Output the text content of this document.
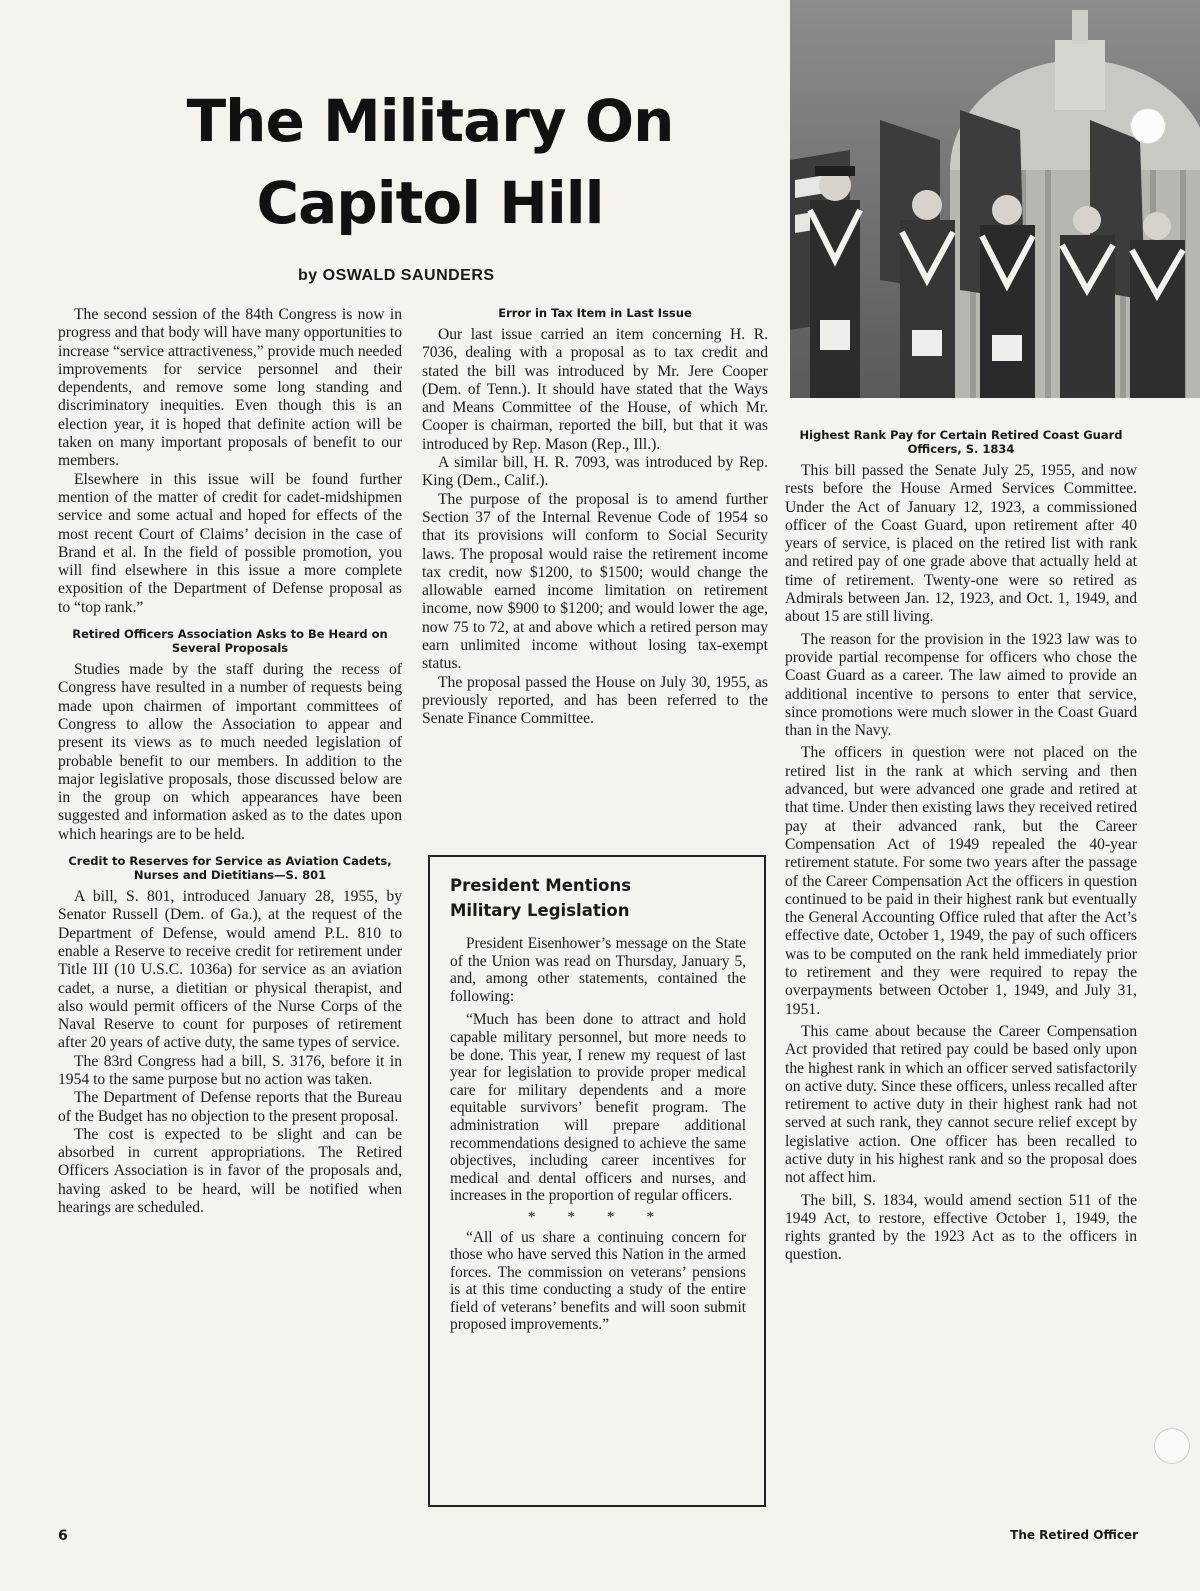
The Military On
Capitol Hill
by OSWALD SAUNDERS

The second session of the 84th Congress is now in progress and that body will have many opportunities to increase “service attractiveness,” provide much needed improvements for service personnel and their dependents, and remove some long standing and discriminatory inequities. Even though this is an election year, it is hoped that definite action will be taken on many important proposals of benefit to our members.

Elsewhere in this issue will be found further mention of the matter of credit for cadet-midshipmen service and some actual and hoped for effects of the most recent Court of Claims’ decision in the case of Brand et al. In the field of possible promotion, you will find elsewhere in this issue a more complete exposition of the Department of Defense proposal as to “top rank.”

Retired Officers Association Asks to Be Heard on Several Proposals

Studies made by the staff during the recess of Congress have resulted in a number of requests being made upon chairmen of important committees of Congress to allow the Association to appear and present its views as to much needed legislation of probable benefit to our members. In addition to the major legislative proposals, those discussed below are in the group on which appearances have been suggested and information asked as to the dates upon which hearings are to be held.

Credit to Reserves for Service as Aviation Cadets, Nurses and Dietitians—S. 801

A bill, S. 801, introduced January 28, 1955, by Senator Russell (Dem. of Ga.), at the request of the Department of Defense, would amend P.L. 810 to enable a Reserve to receive credit for retirement under Title III (10 U.S.C. 1036a) for service as an aviation cadet, a nurse, a dietitian or physical therapist, and also would permit officers of the Nurse Corps of the Naval Reserve to count for purposes of retirement after 20 years of active duty, the same types of service.

The 83rd Congress had a bill, S. 3176, before it in 1954 to the same purpose but no action was taken.

The Department of Defense reports that the Bureau of the Budget has no objection to the present proposal.

The cost is expected to be slight and can be absorbed in current appropriations. The Retired Officers Association is in favor of the proposals and, having asked to be heard, will be notified when hearings are scheduled.

Error in Tax Item in Last Issue

Our last issue carried an item concerning H. R. 7036, dealing with a proposal as to tax credit and stated the bill was introduced by Mr. Jere Cooper (Dem. of Tenn.). It should have stated that the Ways and Means Committee of the House, of which Mr. Cooper is chairman, reported the bill, but that it was introduced by Rep. Mason (Rep., Ill.).

A similar bill, H. R. 7093, was introduced by Rep. King (Dem., Calif.).

The purpose of the proposal is to amend further Section 37 of the Internal Revenue Code of 1954 so that its provisions will conform to Social Security laws. The proposal would raise the retirement income tax credit, now $1200, to $1500; would change the allowable earned income limitation on retirement income, now $900 to $1200; and would lower the age, now 75 to 72, at and above which a retired person may earn unlimited income without losing tax-exempt status.

The proposal passed the House on July 30, 1955, as previously reported, and has been referred to the Senate Finance Committee.

President Mentions
Military Legislation

President Eisenhower’s message on the State of the Union was read on Thursday, January 5, and, among other statements, contained the following:

“Much has been done to attract and hold capable military personnel, but more needs to be done. This year, I renew my request of last year for legislation to provide proper medical care for military dependents and a more equitable survivors’ benefit program. The administration will prepare additional recommendations designed to achieve the same objectives, including career incentives for medical and dental officers and nurses, and increases in the proportion of regular officers.

* * * *

“All of us share a continuing concern for those who have served this Nation in the armed forces. The commission on veterans’ pensions is at this time conducting a study of the entire field of veterans’ benefits and will soon submit proposed improvements.”

Highest Rank Pay for Certain Retired Coast Guard Officers, S. 1834

This bill passed the Senate July 25, 1955, and now rests before the House Armed Services Committee. Under the Act of January 12, 1923, a commissioned officer of the Coast Guard, upon retirement after 40 years of service, is placed on the retired list with rank and retired pay of one grade above that actually held at time of retirement. Twenty-one were so retired as Admirals between Jan. 12, 1923, and Oct. 1, 1949, and about 15 are still living.

The reason for the provision in the 1923 law was to provide partial recompense for officers who chose the Coast Guard as a career. The law aimed to provide an additional incentive to persons to enter that service, since promotions were much slower in the Coast Guard than in the Navy.

The officers in question were not placed on the retired list in the rank at which serving and then advanced, but were advanced one grade and retired at that time. Under then existing laws they received retired pay at their advanced rank, but the Career Compensation Act of 1949 repealed the 40-year retirement statute. For some two years after the passage of the Career Compensation Act the officers in question continued to be paid in their highest rank but eventually the General Accounting Office ruled that after the Act’s effective date, October 1, 1949, the pay of such officers was to be computed on the rank held immediately prior to retirement and they were required to repay the overpayments between October 1, 1949, and July 31, 1951.

This came about because the Career Compensation Act provided that retired pay could be based only upon the highest rank in which an officer served satisfactorily on active duty. Since these officers, unless recalled after retirement to active duty in their highest rank had not served at such rank, they cannot secure relief except by legislative action. One officer has been recalled to active duty in his highest rank and so the proposal does not affect him.

The bill, S. 1834, would amend section 511 of the 1949 Act, to restore, effective October 1, 1949, the rights granted by the 1923 Act as to the officers in question.

6	The Retired Officer
